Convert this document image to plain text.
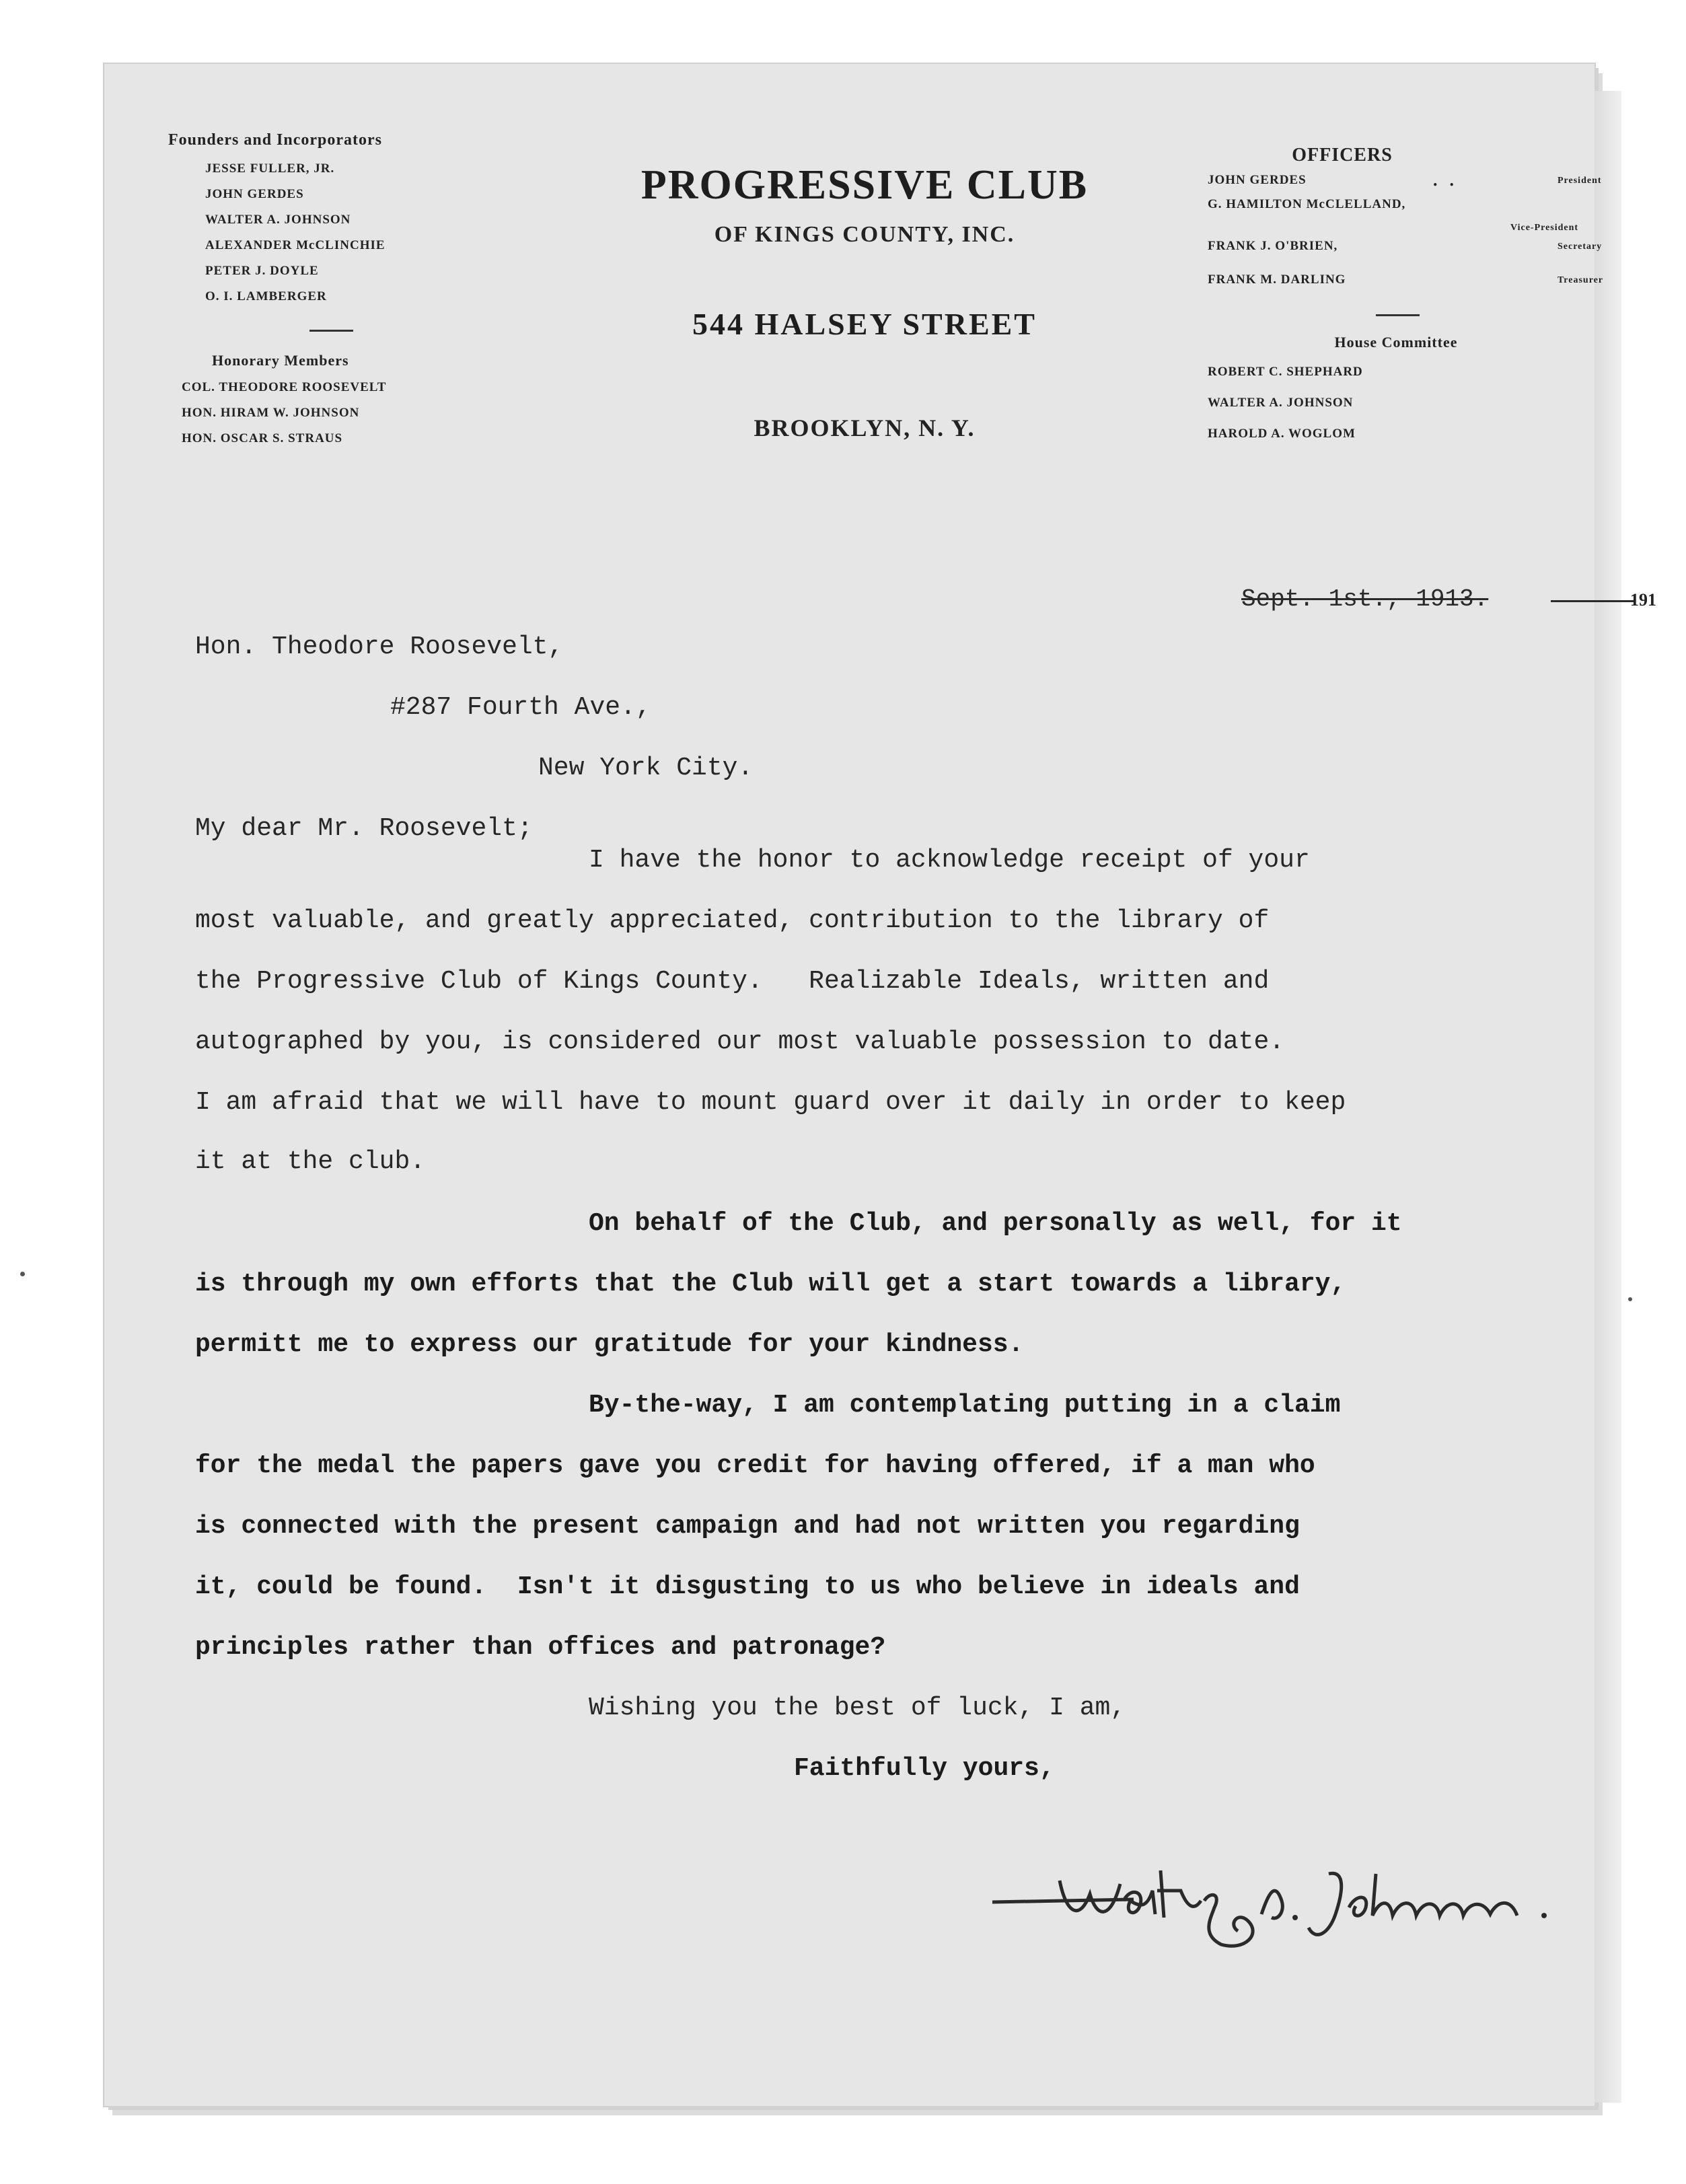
Founders and Incorporators
JESSE FULLER, JR.
JOHN GERDES
WALTER A. JOHNSON
ALEXANDER McCLINCHIE
PETER J. DOYLE
O. I. LAMBERGER
Honorary Members
COL. THEODORE ROOSEVELT
HON. HIRAM W. JOHNSON
HON. OSCAR S. STRAUS
PROGRESSIVE CLUB
OF KINGS COUNTY, INC.
544 HALSEY STREET
BROOKLYN, N. Y.
OFFICERS
JOHN GERDES	..	President
G. HAMILTON McCLELLAND,
Vice-President
FRANK J. O'BRIEN,	Secretary
FRANK M. DARLING	Treasurer
House Committee
ROBERT C. SHEPHARD
WALTER A. JOHNSON
HAROLD A. WOGLOM
Sept. 1st., 1913.	191
Hon. Theodore Roosevelt,
#287 Fourth Ave.,
New York City.
My dear Mr. Roosevelt;
I have the honor to acknowledge receipt of your
most valuable, and greatly appreciated, contribution to the library of
the Progressive Club of Kings County.   Realizable Ideals, written and
autographed by you, is considered our most valuable possession to date.
I am afraid that we will have to mount guard over it daily in order to keep
it at the club.
On behalf of the Club, and personally as well, for it
is through my own efforts that the Club will get a start towards a library,
permitt me to express our gratitude for your kindness.
By-the-way, I am contemplating putting in a claim
for the medal the papers gave you credit for having offered, if a man who
is connected with the present campaign and had not written you regarding
it, could be found.  Isn't it disgusting to us who believe in ideals and
principles rather than offices and patronage?
Wishing you the best of luck, I am,
Faithfully yours,
